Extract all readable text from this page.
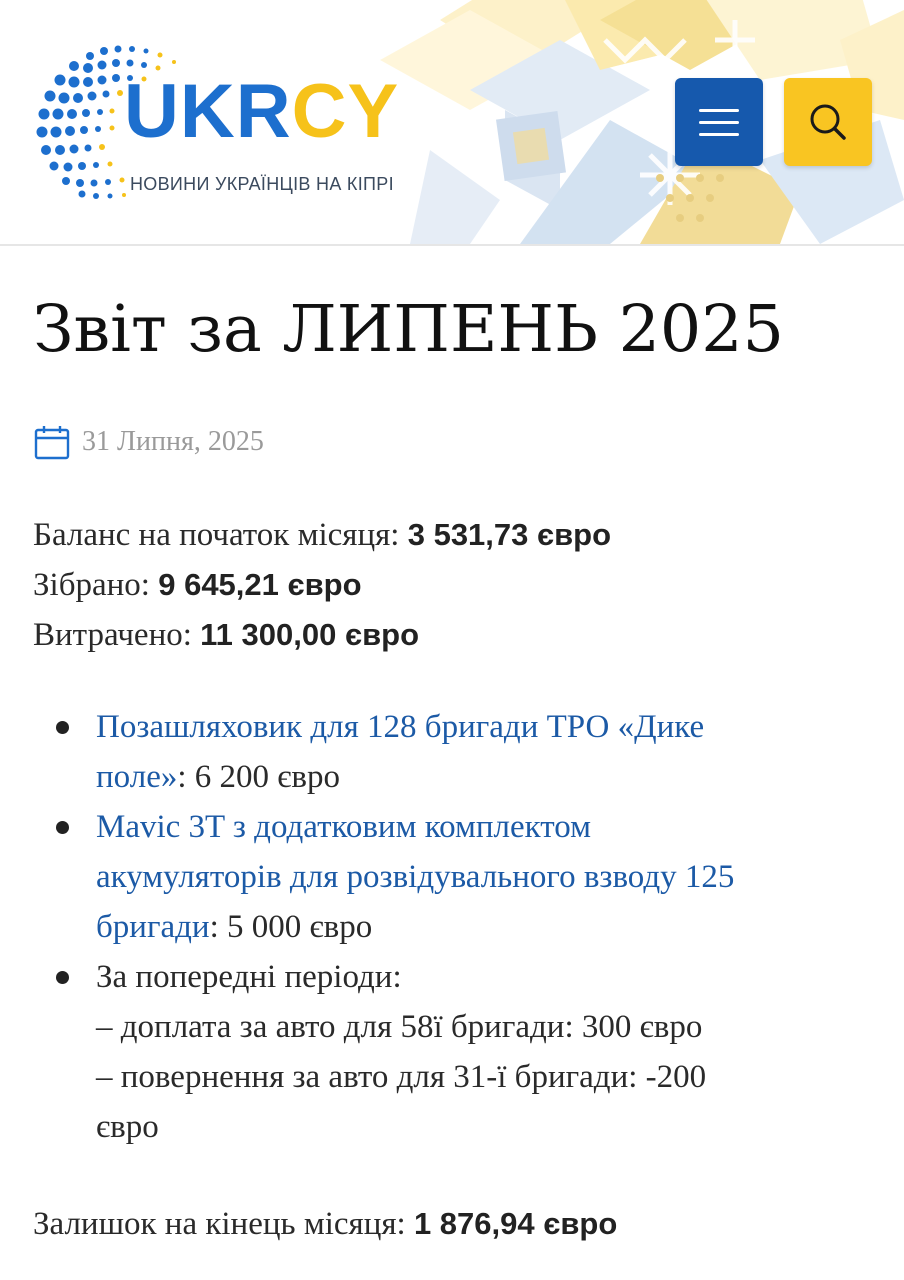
UKRCY
НОВИНИ УКРАЇНЦІВ НА КІПРІ
Звіт за ЛИПЕНЬ 2025
31 Липня, 2025
Баланс на початок місяця: 3 531,73 євро
Зібрано: 9 645,21 євро
Витрачено: 11 300,00 євро
Позашляховик для 128 бригади ТРО «Дике
поле»: 6 200 євро
Mavic 3T з додатковим комплектом
акумуляторів для розвідувального взводу 125
бригади: 5 000 євро
За попередні періоди:
– доплата за авто для 58ї бригади: 300 євро
– повернення за авто для 31-ї бригади: -200
євро
Залишок на кінець місяця: 1 876,94 євро
